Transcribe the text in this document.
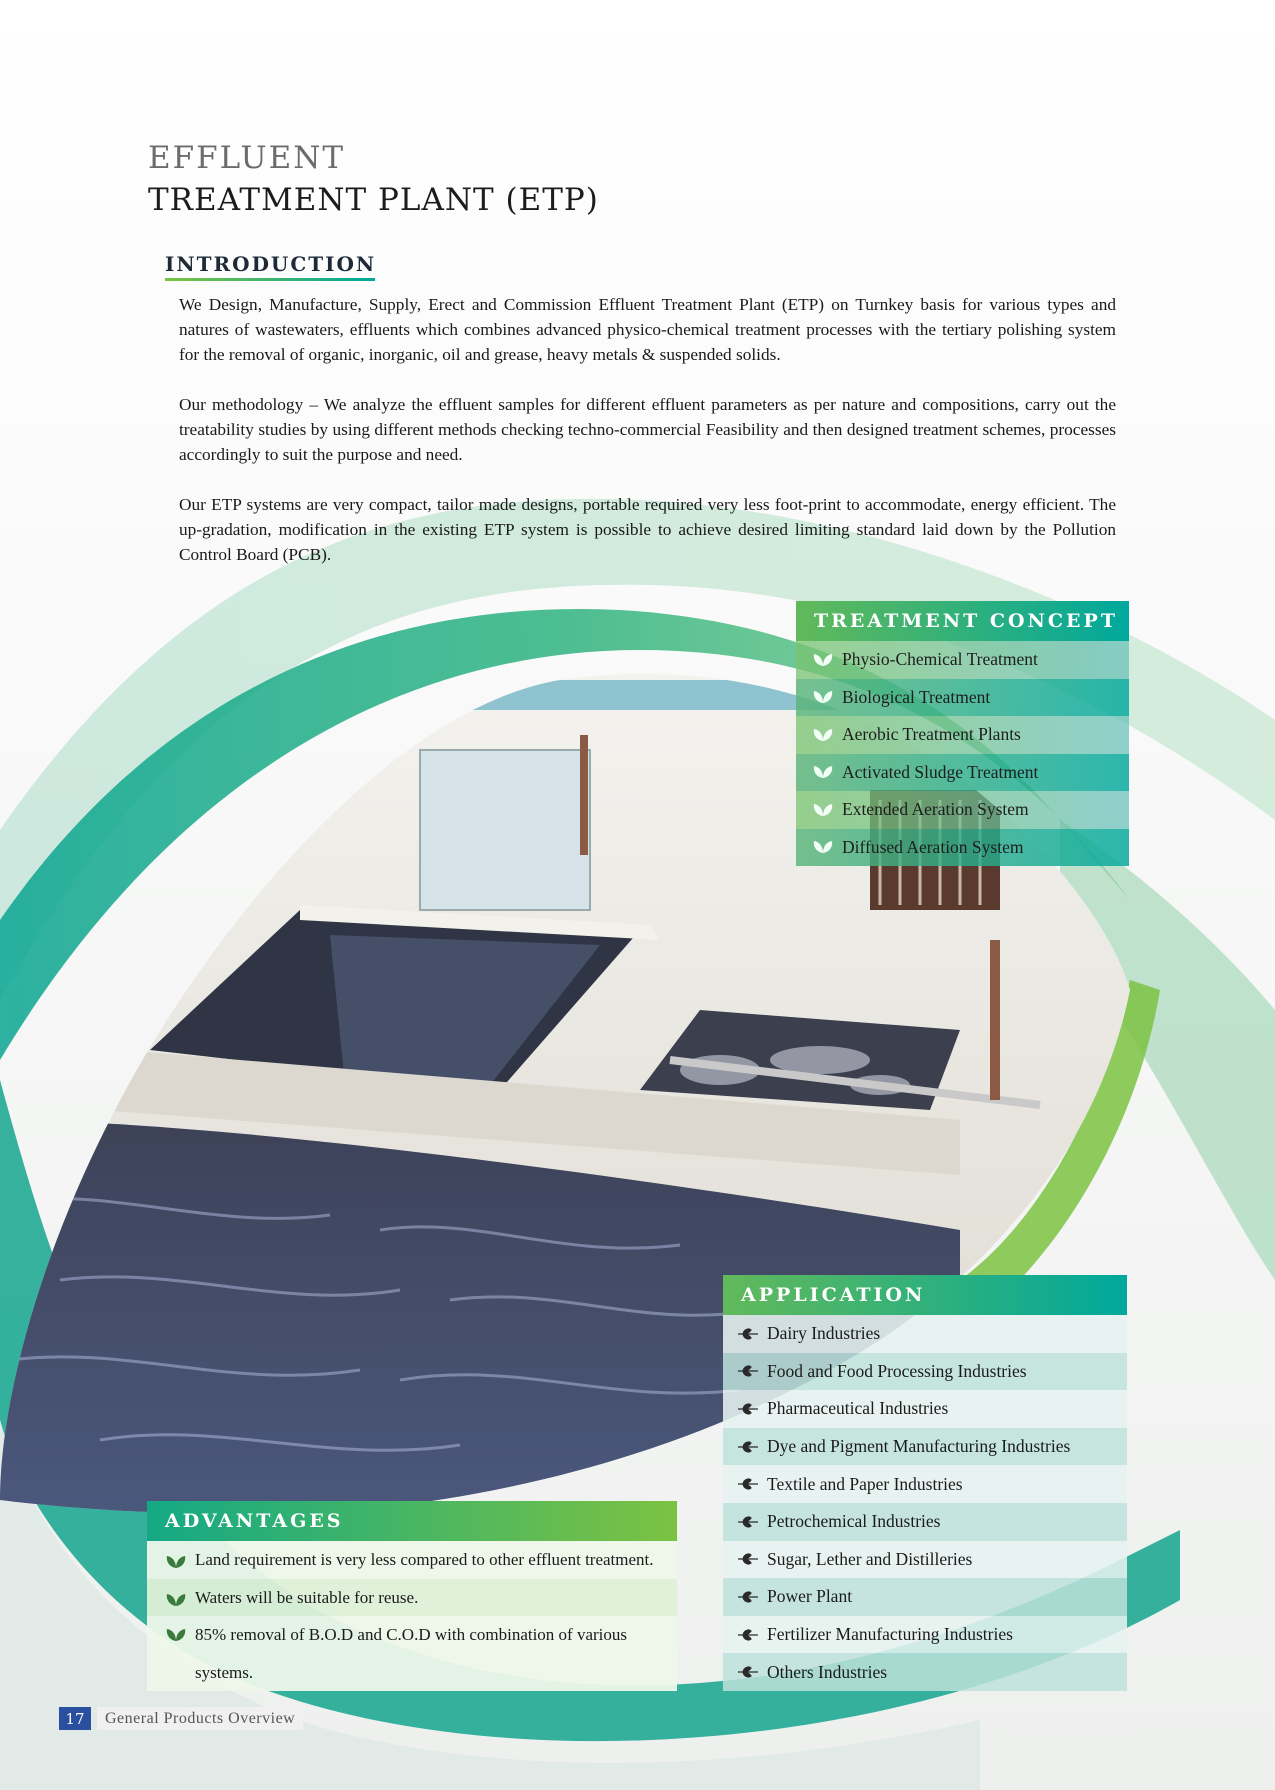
EFFLUENT
TREATMENT PLANT (ETP)
INTRODUCTION

We Design, Manufacture, Supply, Erect and Commission Effluent Treatment Plant (ETP) on Turnkey basis for various types and natures of wastewaters, effluents which combines advanced physico-chemical treatment processes with the tertiary polishing system for the removal of organic, inorganic, oil and grease, heavy metals & suspended solids.

Our methodology – We analyze the effluent samples for different effluent parameters as per nature and compositions, carry out the treatability studies by using different methods checking techno-commercial Feasibility and then designed treatment schemes, processes accordingly to suit the purpose and need.

Our ETP systems are very compact, tailor made designs, portable required very less foot-print to accommodate, energy efficient. The up-gradation, modification in the existing ETP system is possible to achieve desired limiting standard laid down by the Pollution Control Board (PCB).

TREATMENT CONCEPT
Physio-Chemical Treatment
Biological Treatment
Aerobic Treatment Plants
Activated Sludge Treatment
Extended Aeration System
Diffused Aeration System
APPLICATION
Dairy Industries
Food and Food Processing Industries
Pharmaceutical Industries
Dye and Pigment Manufacturing Industries
Textile and Paper Industries
Petrochemical Industries
Sugar, Lether and Distilleries
Power Plant
Fertilizer Manufacturing Industries
Others Industries
ADVANTAGES
Land requirement is very less compared to other effluent treatment.
Waters will be suitable for reuse.
85% removal of B.O.D and C.O.D with combination of various systems.
17	General Products Overview
